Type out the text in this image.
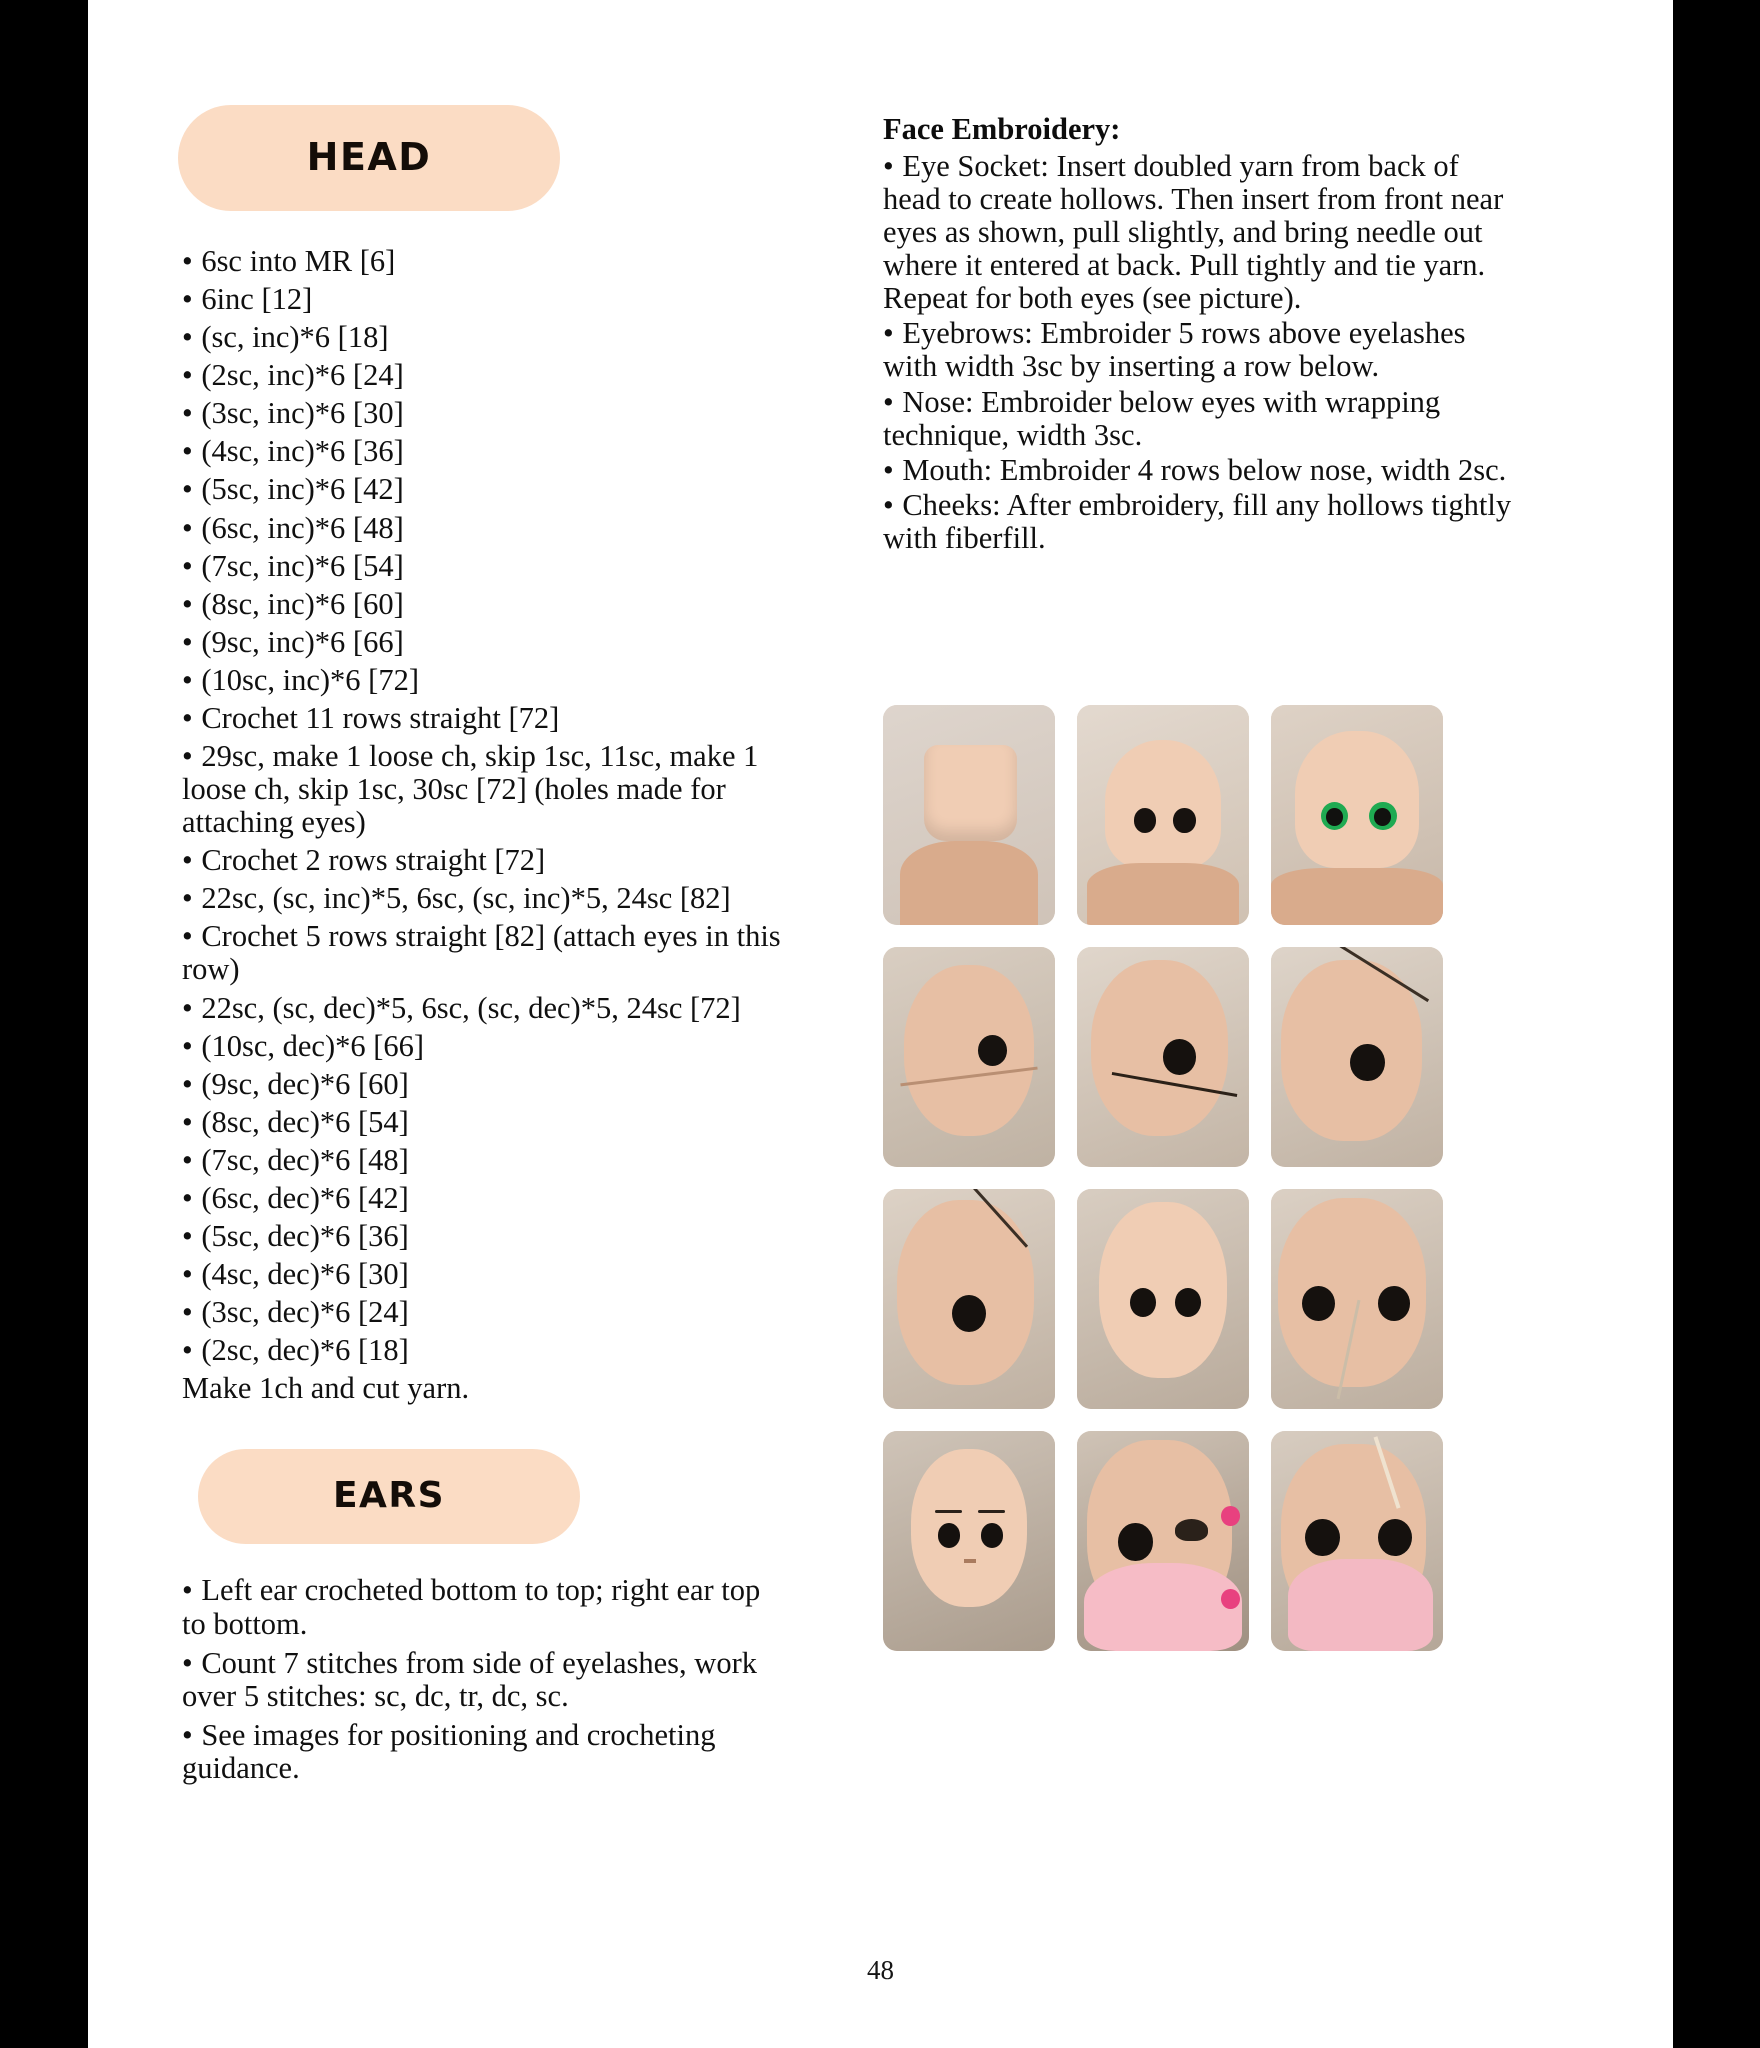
HEAD

• 6sc into MR [6]

• 6inc [12]

• (sc, inc)*6 [18]

• (2sc, inc)*6 [24]

• (3sc, inc)*6 [30]

• (4sc, inc)*6 [36]

• (5sc, inc)*6 [42]

• (6sc, inc)*6 [48]

• (7sc, inc)*6 [54]

• (8sc, inc)*6 [60]

• (9sc, inc)*6 [66]

• (10sc, inc)*6 [72]

• Crochet 11 rows straight [72]

• 29sc, make 1 loose ch, skip 1sc, 11sc, make 1 loose ch, skip 1sc, 30sc [72] (holes made for attaching eyes)

• Crochet 2 rows straight [72]

• 22sc, (sc, inc)*5, 6sc, (sc, inc)*5, 24sc [82]

• Crochet 5 rows straight [82] (attach eyes in this row)

• 22sc, (sc, dec)*5, 6sc, (sc, dec)*5, 24sc [72]

• (10sc, dec)*6 [66]

• (9sc, dec)*6 [60]

• (8sc, dec)*6 [54]

• (7sc, dec)*6 [48]

• (6sc, dec)*6 [42]

• (5sc, dec)*6 [36]

• (4sc, dec)*6 [30]

• (3sc, dec)*6 [24]

• (2sc, dec)*6 [18]

Make 1ch and cut yarn.

EARS

• Left ear crocheted bottom to top; right ear top to bottom.

• Count 7 stitches from side of eyelashes, work over 5 stitches: sc, dc, tr, dc, sc.

• See images for positioning and crocheting guidance.

Face Embroidery:

• Eye Socket: Insert doubled yarn from back of head to create hollows. Then insert from front near eyes as shown, pull slightly, and bring needle out where it entered at back. Pull tightly and tie yarn. Repeat for both eyes (see picture).

• Eyebrows: Embroider 5 rows above eyelashes with width 3sc by inserting a row below.

• Nose: Embroider below eyes with wrapping technique, width 3sc.

• Mouth: Embroider 4 rows below nose, width 2sc.

• Cheeks: After embroidery, fill any hollows tightly with fiberfill.

48
